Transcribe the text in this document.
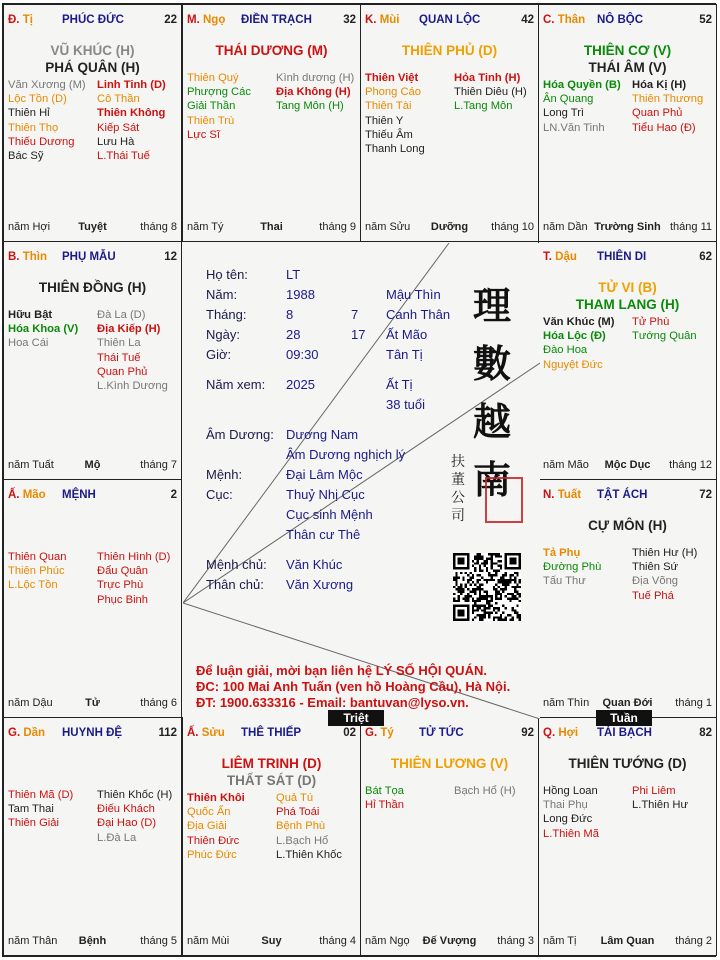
Đ. Tị	PHÚC ĐỨC	22
VŨ KHÚC (H)
PHÁ QUÂN (H)
Văn Xương (M)
Lộc Tồn (D)
Thiên Hỉ
Thiên Thọ
Thiếu Dương
Bác Sỹ
Linh Tinh (D)
Cô Thần
Thiên Không
Kiếp Sát
Lưu Hà
L.Thái Tuế
năm Hợi	Tuyệt	tháng 8
M. Ngọ ĐIỀN TRẠCH	32
THÁI DƯƠNG (M)
Thiên Quý
Phượng Các
Giải Thần
Thiên Trù
Lực Sĩ
Kình dương (H)
Địa Không (H)
Tang Môn (H)
năm Tý	Thai	tháng 9
K. Mùi QUAN LỘC	42
THIÊN PHỦ (D)
Thiên Việt
Phong Cáo
Thiên Tài
Thiên Y
Thiếu Âm
Thanh Long
Hỏa Tinh (H)
Thiên Diêu (H)
L.Tang Môn
năm Sửu	Dưỡng	tháng 10
C. Thân NÔ BỘC	52
THIÊN CƠ (V)
THÁI ÂM (V)
Hóa Quyền (B)
Ân Quang
Long Trì
LN.Văn Tinh
Hóa Kị (H)
Thiên Thương
Quan Phủ
Tiểu Hao (Đ)
năm Dần Trường Sinh tháng 11
B. Thìn PHỤ MẪU	12
THIÊN ĐỒNG (H)
Hữu Bật
Hóa Khoa (V)
Hoa Cái
Đà La (D)
Địa Kiếp (H)
Thiên La
Thái Tuế
Quan Phủ
L.Kình Dương
năm Tuất	Mộ	tháng 7
T. Dậu THIÊN DI	62
TỬ VI (B)
THAM LANG (H)
Văn Khúc (M)
Hóa Lộc (Đ)
Đào Hoa
Nguyệt Đức
Tử Phù
Tướng Quân
năm Mão	Mộc Dục	tháng 12
Ấ. Mão MỆNH	2
Thiên Quan
Thiên Phúc
L.Lộc Tồn
Thiên Hình (D)
Đẩu Quân
Trực Phù
Phục Binh
năm Dậu	Tử	tháng 6
N. Tuất TẬT ÁCH	72
CỰ MÔN (H)
Tả Phụ
Đường Phù
Tấu Thư
Thiên Hư (H)
Thiên Sứ
Địa Võng
Tuế Phá
năm Thìn	Quan Đới	tháng 1
G. Dần HUYNH ĐỆ	112
Thiên Mã (D)
Tam Thai
Thiên Giải
Thiên Khốc (H)
Điếu Khách
Đại Hao (D)
L.Đà La
năm Thân	Bệnh	tháng 5
Ấ. Sửu THÊ THIẾP	02
LIÊM TRINH (D)
THẤT SÁT (D)
Thiên Khôi
Quốc Ấn
Địa Giải
Thiên Đức
Phúc Đức
Quả Tú
Phá Toái
Bệnh Phù
L.Bạch Hổ
L.Thiên Khốc
năm Mùi	Suy	tháng 4
G. Tý TỬ TỨC	92
THIÊN LƯƠNG (V)
Bát Tọa
Hỉ Thần
Bạch Hổ (H)
năm Ngọ	Đế Vượng	tháng 3
Q. Hợi TÀI BẠCH	82
THIÊN TƯỚNG (D)
Hồng Loan
Thai Phụ
Long Đức
L.Thiên Mã
Phi Liêm
L.Thiên Hư
năm Tị	Lâm Quan	tháng 2
Họ tên:	LT
Năm:	1988	Mậu Thìn
Tháng:	8	7 Canh Thân
Ngày:	28	17 Ất Mão
Giờ:	09:30	Tân Tị
Năm xem: 2025	Ất Tị
38 tuổi
Âm Dương: Dương Nam
Âm Dương nghịch lý
Mệnh:	Đại Lâm Mộc
Cục:	Thuỷ Nhị Cục
Cục sinh Mệnh
Thân cư Thê
Mệnh chủ: Văn Khúc
Thân chủ: Văn Xương
理
數
越
南
扶
董
公
司
Để luận giải, mời bạn liên hệ LÝ SỐ HỘI QUÁN.
ĐC: 100 Mai Anh Tuấn (ven hồ Hoàng Cầu), Hà Nội.
ĐT: 1900.633316 - Email: bantuvan@lyso.vn.
Triệt	Tuần
